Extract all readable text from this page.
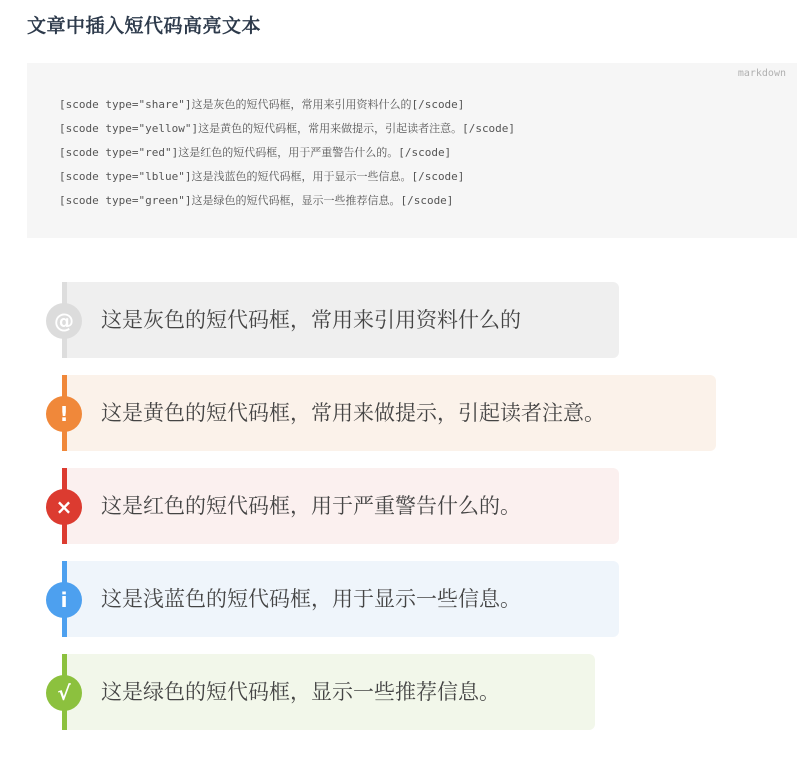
文章中插入短代码高亮文本
markdown
[scode type="share"]这是灰色的短代码框，常用来引用资料什么的[/scode]
[scode type="yellow"]这是黄色的短代码框，常用来做提示，引起读者注意。[/scode]
[scode type="red"]这是红色的短代码框，用于严重警告什么的。[/scode]
[scode type="lblue"]这是浅蓝色的短代码框，用于显示一些信息。[/scode]
[scode type="green"]这是绿色的短代码框，显示一些推荐信息。[/scode]
@	这是灰色的短代码框，常用来引用资料什么的
!	这是黄色的短代码框，常用来做提示，引起读者注意。
×	这是红色的短代码框，用于严重警告什么的。
i	这是浅蓝色的短代码框，用于显示一些信息。
√	这是绿色的短代码框，显示一些推荐信息。
